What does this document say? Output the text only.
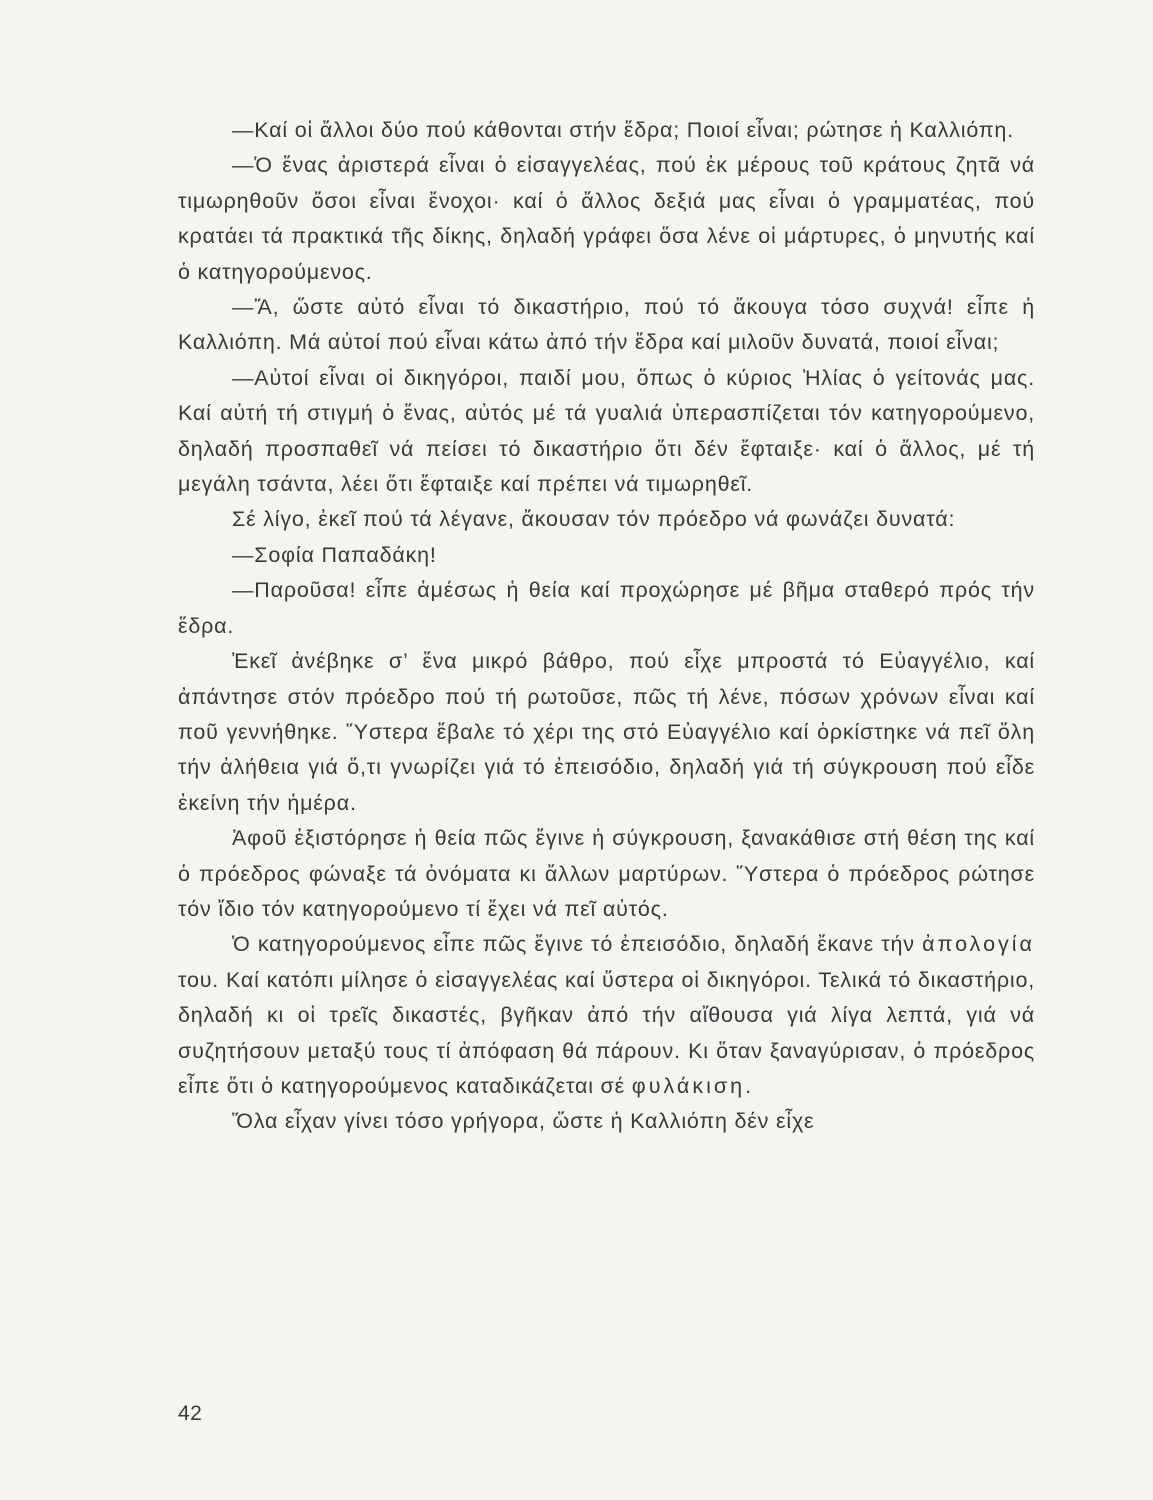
—Καί οἱ ἄλλοι δύο πού κάθονται στήν ἕδρα; Ποιοί εἶναι; ρώτησε ἡ Καλλιόπη.

—Ὁ ἕνας ἀριστερά εἶναι ὁ εἰσαγγελέας, πού ἐκ μέρους τοῦ κράτους ζητᾶ νά τιμωρηθοῦν ὅσοι εἶναι ἔνοχοι· καί ὁ ἄλλος δεξιά μας εἶναι ὁ γραμματέας, πού κρατάει τά πρακτικά τῆς δίκης, δηλαδή γράφει ὅσα λένε οἱ μάρτυρες, ὁ μηνυτής καί ὁ κατηγορούμενος.

—Ἄ, ὥστε αὐτό εἶναι τό δικαστήριο, πού τό ἄκουγα τόσο συχνά! εἶπε ἡ Καλλιόπη. Μά αὐτοί πού εἶναι κάτω ἀπό τήν ἕδρα καί μιλοῦν δυνατά, ποιοί εἶναι;

—Αὐτοί εἶναι οἱ δικηγόροι, παιδί μου, ὅπως ὁ κύριος Ἠλίας ὁ γείτονάς μας. Καί αὐτή τή στιγμή ὁ ἕνας, αὐτός μέ τά γυαλιά ὑπερασπίζεται τόν κατηγορούμενο, δηλαδή προσπαθεῖ νά πείσει τό δικαστήριο ὅτι δέν ἔφταιξε· καί ὁ ἄλλος, μέ τή μεγάλη τσάντα, λέει ὅτι ἔφταιξε καί πρέπει νά τιμωρηθεῖ.

Σέ λίγο, ἐκεῖ πού τά λέγανε, ἄκουσαν τόν πρόεδρο νά φωνάζει δυνατά:

—Σοφία Παπαδάκη!

—Παροῦσα! εἶπε ἀμέσως ἡ θεία καί προχώρησε μέ βῆμα σταθερό πρός τήν ἕδρα.

Ἐκεῖ ἀνέβηκε σ’ ἕνα μικρό βάθρο, πού εἶχε μπροστά τό Εὐαγγέλιο, καί ἀπάντησε στόν πρόεδρο πού τή ρωτοῦσε, πῶς τή λένε, πόσων χρόνων εἶναι καί ποῦ γεννήθηκε. Ὕστερα ἔβαλε τό χέρι της στό Εὐαγγέλιο καί ὁρκίστηκε νά πεῖ ὅλη τήν ἀλήθεια γιά ὅ,τι γνωρίζει γιά τό ἐπεισόδιο, δηλαδή γιά τή σύγκρουση πού εἶδε ἐκείνη τήν ἡμέρα.

Ἀφοῦ ἐξιστόρησε ἡ θεία πῶς ἔγινε ἡ σύγκρουση, ξανακάθισε στή θέση της καί ὁ πρόεδρος φώναξε τά ὀνόματα κι ἄλλων μαρτύρων. Ὕστερα ὁ πρόεδρος ρώτησε τόν ἴδιο τόν κατηγορούμενο τί ἔχει νά πεῖ αὐτός.

Ὁ κατηγορούμενος εἶπε πῶς ἔγινε τό ἐπεισόδιο, δηλαδή ἔκανε τήν ἀπολογία του. Καί κατόπι μίλησε ὁ εἰσαγγελέας καί ὕστερα οἱ δικηγόροι. Τελικά τό δικαστήριο, δηλαδή κι οἱ τρεῖς δικαστές, βγῆκαν ἀπό τήν αἴθουσα γιά λίγα λεπτά, γιά νά συζητήσουν μεταξύ τους τί ἀπόφαση θά πάρουν. Κι ὅταν ξαναγύρισαν, ὁ πρόεδρος εἶπε ὅτι ὁ κατηγορούμενος καταδικάζεται σέ φυλάκιση.

Ὅλα εἶχαν γίνει τόσο γρήγορα, ὥστε ἡ Καλλιόπη δέν εἶχε

42
